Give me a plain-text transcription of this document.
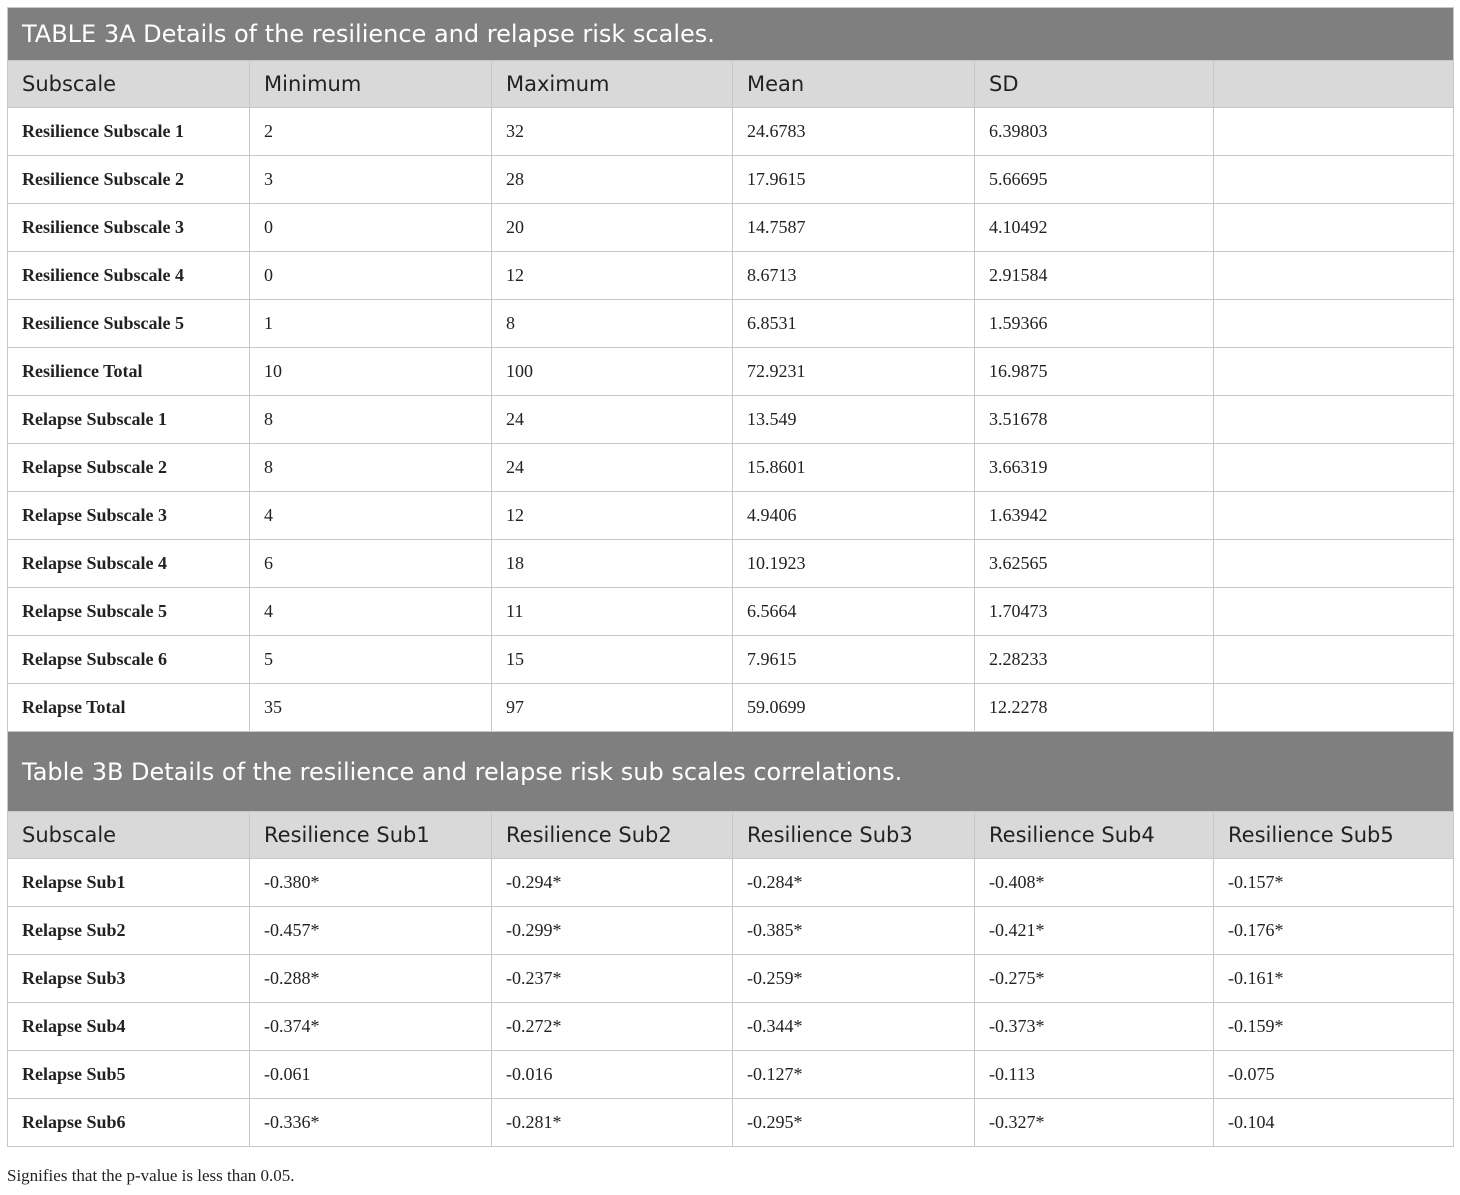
TABLE 3A Details of the resilience and relapse risk scales.					
Subscale	Minimum	Maximum	Mean	SD	
Resilience Subscale 1	2	32	24.6783	6.39803	
Resilience Subscale 2	3	28	17.9615	5.66695	
Resilience Subscale 3	0	20	14.7587	4.10492	
Resilience Subscale 4	0	12	8.6713	2.91584	
Resilience Subscale 5	1	8	6.8531	1.59366	
Resilience Total	10	100	72.9231	16.9875	
Relapse Subscale 1	8	24	13.549	3.51678	
Relapse Subscale 2	8	24	15.8601	3.66319	
Relapse Subscale 3	4	12	4.9406	1.63942	
Relapse Subscale 4	6	18	10.1923	3.62565	
Relapse Subscale 5	4	11	6.5664	1.70473	
Relapse Subscale 6	5	15	7.9615	2.28233	
Relapse Total	35	97	59.0699	12.2278	
Table 3B Details of the resilience and relapse risk sub scales correlations.					
Subscale	Resilience Sub1	Resilience Sub2	Resilience Sub3	Resilience Sub4	Resilience Sub5
Relapse Sub1	-0.380*	-0.294*	-0.284*	-0.408*	-0.157*
Relapse Sub2	-0.457*	-0.299*	-0.385*	-0.421*	-0.176*
Relapse Sub3	-0.288*	-0.237*	-0.259*	-0.275*	-0.161*
Relapse Sub4	-0.374*	-0.272*	-0.344*	-0.373*	-0.159*
Relapse Sub5	-0.061	-0.016	-0.127*	-0.113	-0.075
Relapse Sub6	-0.336*	-0.281*	-0.295*	-0.327*	-0.104
Signifies that the p-value is less than 0.05.
